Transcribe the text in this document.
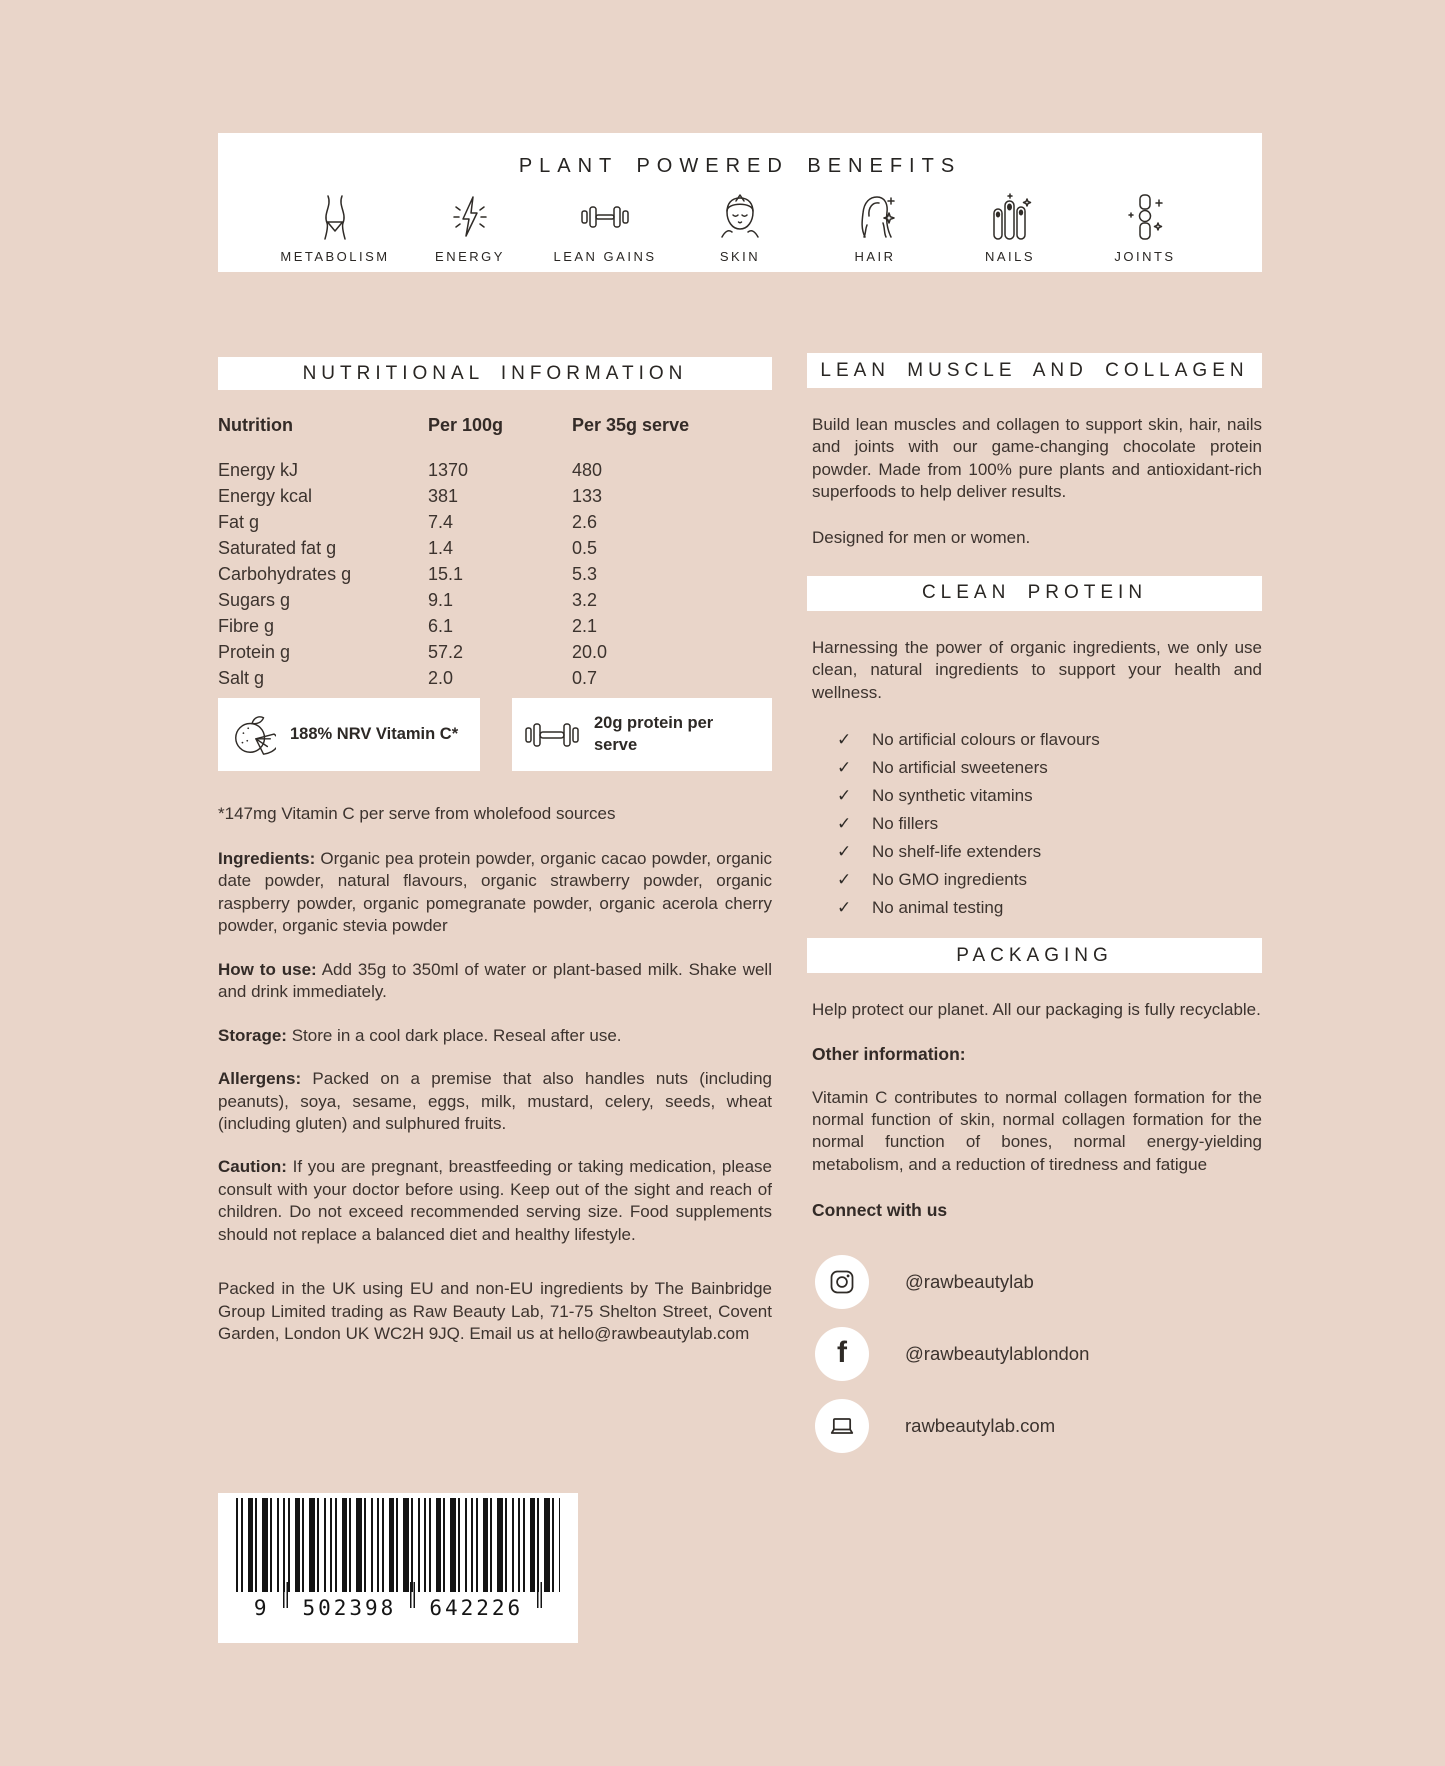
PLANT POWERED BENEFITS
METABOLISM	ENERGY	LEAN GAINS	SKIN	HAIR	NAILS	JOINTS
NUTRITIONAL INFORMATION
Nutrition	Per 100g	Per 35g serve
Energy kJ	1370	480
Energy kcal	381	133
Fat g	7.4	2.6
Saturated fat g	1.4	0.5
Carbohydrates g	15.1	5.3
Sugars g	9.1	3.2
Fibre g	6.1	2.1
Protein g	57.2	20.0
Salt g	2.0	0.7
188% NRV Vitamin C*
20g protein per serve
*147mg Vitamin C per serve from wholefood sources

Ingredients: Organic pea protein powder, organic cacao powder, organic date powder, natural flavours, organic strawberry powder, organic raspberry powder, organic pomegranate powder, organic acerola cherry powder, organic stevia powder

How to use: Add 35g to 350ml of water or plant-based milk. Shake well and drink immediately.

Storage: Store in a cool dark place. Reseal after use.

Allergens: Packed on a premise that also handles nuts (including peanuts), soya, sesame, eggs, milk, mustard, celery, seeds, wheat (including gluten) and sulphured fruits.

Caution: If you are pregnant, breastfeeding or taking medication, please consult with your doctor before using. Keep out of the sight and reach of children. Do not exceed recommended serving size. Food supplements should not replace a balanced diet and healthy lifestyle.

Packed in the UK using EU and non-EU ingredients by The Bainbridge Group Limited trading as Raw Beauty Lab, 71-75 Shelton Street, Covent Garden, London UK WC2H 9JQ. Email us at hello@rawbeautylab.com

9 502398 642226
LEAN MUSCLE AND COLLAGEN

Build lean muscles and collagen to support skin, hair, nails and joints with our game-changing chocolate protein powder. Made from 100% pure plants and antioxidant-rich superfoods to help deliver results.

Designed for men or women.

CLEAN PROTEIN

Harnessing the power of organic ingredients, we only use clean, natural ingredients to support your health and wellness.

✓	No artificial colours or flavours
✓	No artificial sweeteners
✓	No synthetic vitamins
✓	No fillers
✓	No shelf-life extenders
✓	No GMO ingredients
✓	No animal testing
PACKAGING

Help protect our planet. All our packaging is fully recyclable.

Other information:

Vitamin C contributes to normal collagen formation for the normal function of skin, normal collagen formation for the normal function of bones, normal energy-yielding metabolism, and a reduction of tiredness and fatigue

Connect with us
@rawbeautylab
f	@rawbeautylablondon
rawbeautylab.com
